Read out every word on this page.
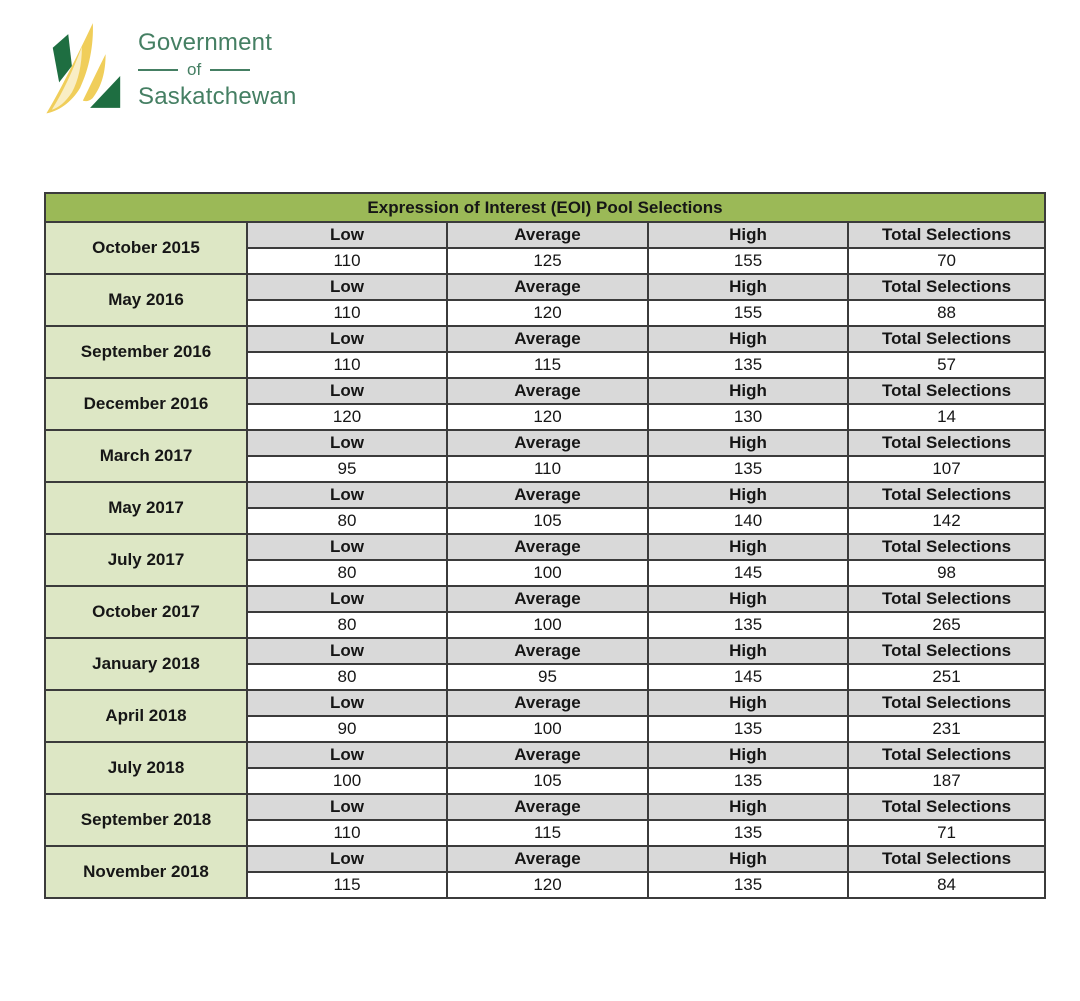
Government
of
Saskatchewan
Expression of Interest (EOI) Pool Selections				
October 2015	Low	Average	High	Total Selections
	110	125	155	70
May 2016	Low	Average	High	Total Selections
	110	120	155	88
September 2016	Low	Average	High	Total Selections
	110	115	135	57
December 2016	Low	Average	High	Total Selections
	120	120	130	14
March 2017	Low	Average	High	Total Selections
	95	110	135	107
May 2017	Low	Average	High	Total Selections
	80	105	140	142
July 2017	Low	Average	High	Total Selections
	80	100	145	98
October 2017	Low	Average	High	Total Selections
	80	100	135	265
January 2018	Low	Average	High	Total Selections
	80	95	145	251
April 2018	Low	Average	High	Total Selections
	90	100	135	231
July 2018	Low	Average	High	Total Selections
	100	105	135	187
September 2018	Low	Average	High	Total Selections
	110	115	135	71
November 2018	Low	Average	High	Total Selections
	115	120	135	84
